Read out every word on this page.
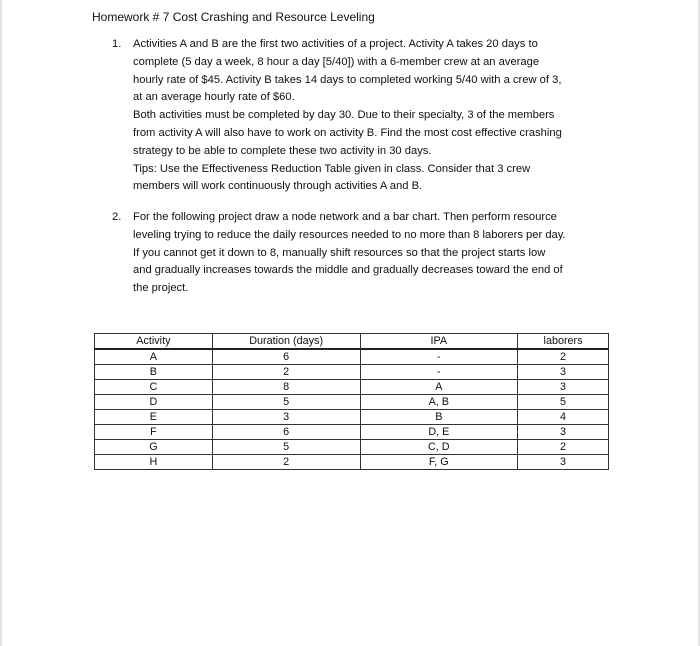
Homework # 7 Cost Crashing and Resource Leveling
1.	Activities A and B are the first two activities of a project. Activity A takes 20 days to
complete (5 day a week, 8 hour a day [5/40]) with a 6-member crew at an average
hourly rate of $45. Activity B takes 14 days to completed working 5/40 with a crew of 3,
at an average hourly rate of $60.
Both activities must be completed by day 30. Due to their specialty, 3 of the members
from activity A will also have to work on activity B. Find the most cost effective crashing
strategy to be able to complete these two activity in 30 days.
Tips: Use the Effectiveness Reduction Table given in class. Consider that 3 crew
members will work continuously through activities A and B.
2.	For the following project draw a node network and a bar chart. Then perform resource
leveling trying to reduce the daily resources needed to no more than 8 laborers per day.
If you cannot get it down to 8, manually shift resources so that the project starts low
and gradually increases towards the middle and gradually decreases toward the end of
the project.
Activity	Duration (days)	IPA	laborers
A	6	-	2
B	2	-	3
C	8	A	3
D	5	A, B	5
E	3	B	4
F	6	D, E	3
G	5	C, D	2
H	2	F, G	3
